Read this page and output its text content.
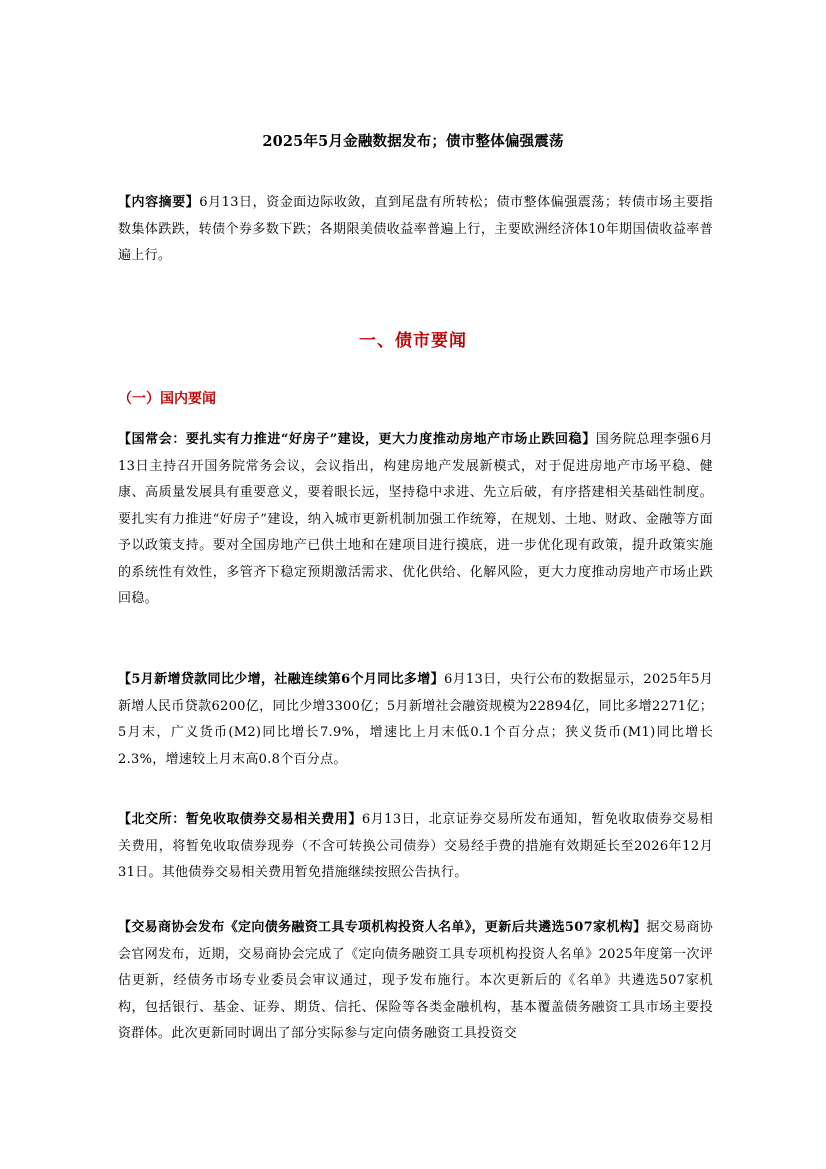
2025年5月金融数据发布；债市整体偏强震荡
【内容摘要】6月13日，资金面边际收敛，直到尾盘有所转松；债市整体偏强震荡；转债市场主要指数集体跌跌，转债个券多数下跌；各期限美债收益率普遍上行，主要欧洲经济体10年期国债收益率普遍上行。
一、债市要闻
（一）国内要闻
【国常会：要扎实有力推进“好房子”建设，更大力度推动房地产市场止跌回稳】国务院总理李强6月13日主持召开国务院常务会议，会议指出，构建房地产发展新模式，对于促进房地产市场平稳、健康、高质量发展具有重要意义，要着眼长远，坚持稳中求进、先立后破，有序搭建相关基础性制度。要扎实有力推进“好房子”建设，纳入城市更新机制加强工作统筹，在规划、土地、财政、金融等方面予以政策支持。要对全国房地产已供土地和在建项目进行摸底，进一步优化现有政策，提升政策实施的系统性有效性，多管齐下稳定预期激活需求、优化供给、化解风险，更大力度推动房地产市场止跌回稳。
【5月新增贷款同比少增，社融连续第6个月同比多增】6月13日，央行公布的数据显示，2025年5月新增人民币贷款6200亿，同比少增3300亿；5月新增社会融资规模为22894亿，同比多增2271亿；5月末，广义货币(M2)同比增长7.9%，增速比上月末低0.1个百分点；狭义货币(M1)同比增长2.3%，增速较上月末高0.8个百分点。
【北交所：暂免收取债券交易相关费用】6月13日，北京证券交易所发布通知，暂免收取债券交易相关费用，将暂免收取债券现券（不含可转换公司债券）交易经手费的措施有效期延长至2026年12月31日。其他债券交易相关费用暂免措施继续按照公告执行。
【交易商协会发布《定向债务融资工具专项机构投资人名单》，更新后共遴选507家机构】据交易商协会官网发布，近期，交易商协会完成了《定向债务融资工具专项机构投资人名单》2025年度第一次评估更新，经债务市场专业委员会审议通过，现予发布施行。本次更新后的《名单》共遴选507家机构，包括银行、基金、证券、期货、信托、保险等各类金融机构，基本覆盖债务融资工具市场主要投资群体。此次更新同时调出了部分实际参与定向债务融资工具投资交
